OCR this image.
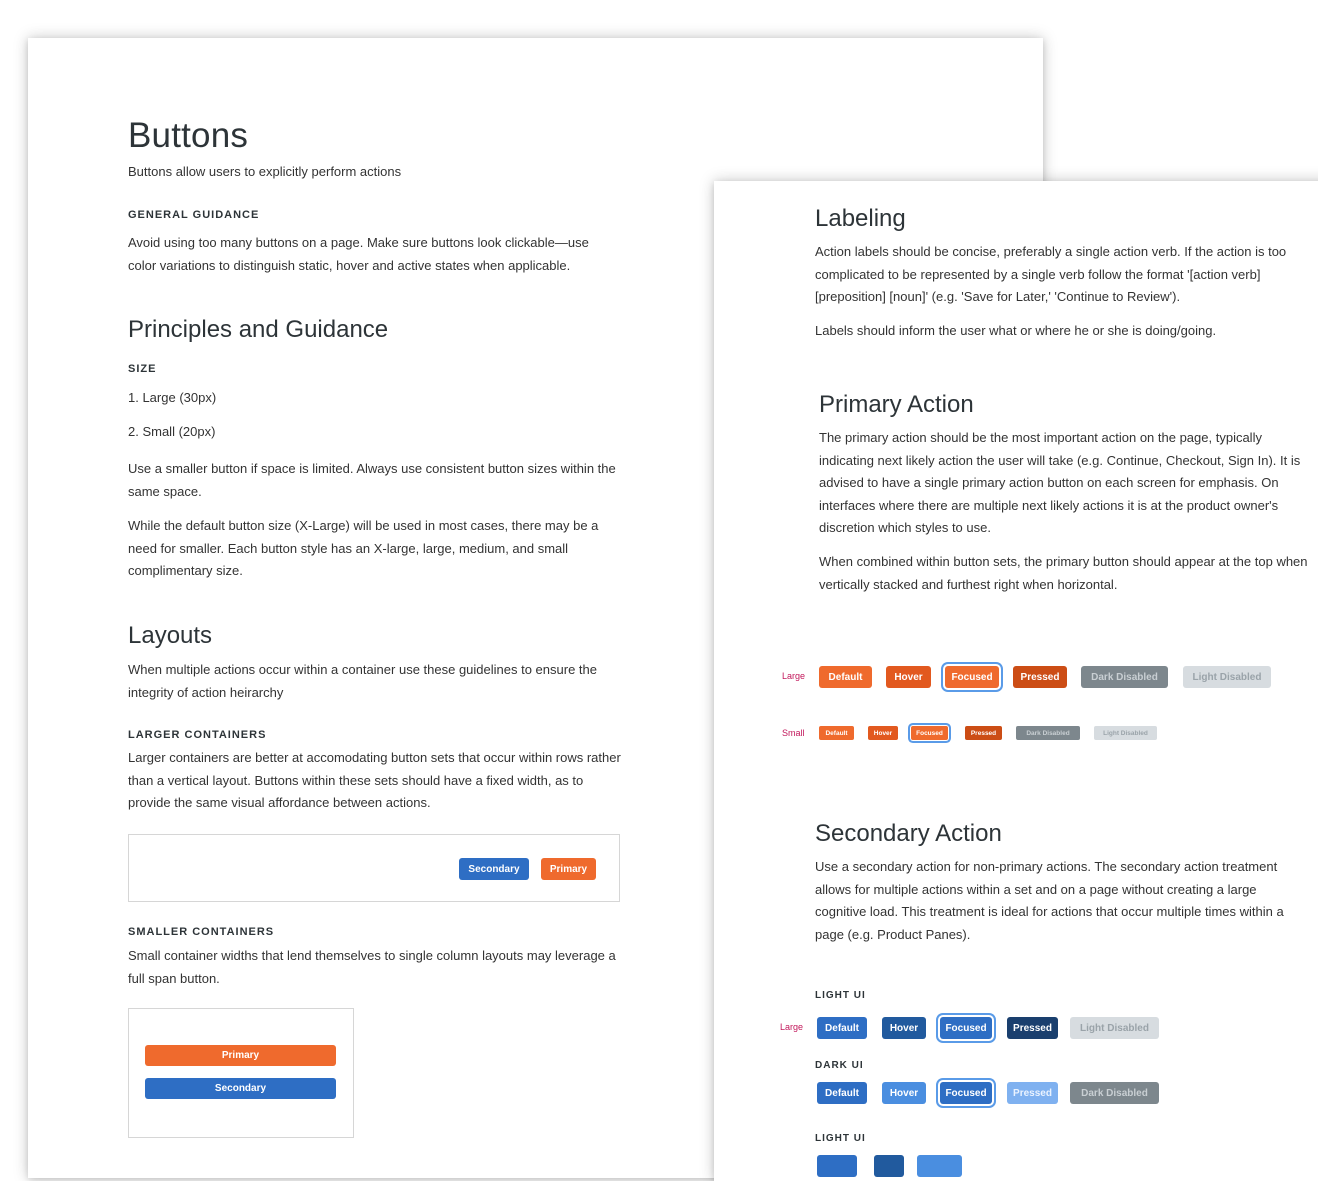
Buttons

Buttons allow users to explicitly perform actions

GENERAL GUIDANCE

Avoid using too many buttons on a page. Make sure buttons look clickable—use color variations to distinguish static, hover and active states when applicable.

Principles and Guidance
SIZE

1. Large (30px)

2. Small (20px)

Use a smaller button if space is limited. Always use consistent button sizes within the same space.

While the default button size (X-Large) will be used in most cases, there may be a need for smaller. Each button style has an X-large, large, medium, and small complimentary size.

Layouts

When multiple actions occur within a container use these guidelines to ensure the integrity of action heirarchy

LARGER CONTAINERS

Larger containers are better at accomodating button sets that occur within rows rather than a vertical layout. Buttons within these sets should have a fixed width, as to provide the same visual affordance between actions.

Secondary	Primary
SMALLER CONTAINERS

Small container widths that lend themselves to single column layouts may leverage a full span button.

Primary
Secondary
Labeling

Action labels should be concise, preferably a single action verb. If the action is too complicated to be represented by a single verb follow the format '[action verb] [preposition] [noun]' (e.g. 'Save for Later,' 'Continue to Review').

Labels should inform the user what or where he or she is doing/going.

Primary Action

The primary action should be the most important action on the page, typically indicating next likely action the user will take (e.g. Continue, Checkout, Sign In). It is advised to have a single primary action button on each screen for emphasis. On interfaces where there are multiple next likely actions it is at the product owner's discretion which styles to use.

When combined within button sets, the primary button should appear at the top when vertically stacked and furthest right when horizontal.

Large	Default	Hover	Focused	Pressed	Dark Disabled	Light Disabled
Small	Default	Hover	Focused	Pressed	Dark Disabled	Light Disabled
Secondary Action

Use a secondary action for non-primary actions. The secondary action treatment allows for multiple actions within a set and on a page without creating a large cognitive load. This treatment is ideal for actions that occur multiple times within a page (e.g. Product Panes).

LIGHT UI
Large	Default	Hover	Focused	Pressed	Light Disabled
DARK UI
Default	Hover	Focused	Pressed	Dark Disabled
LIGHT UI
